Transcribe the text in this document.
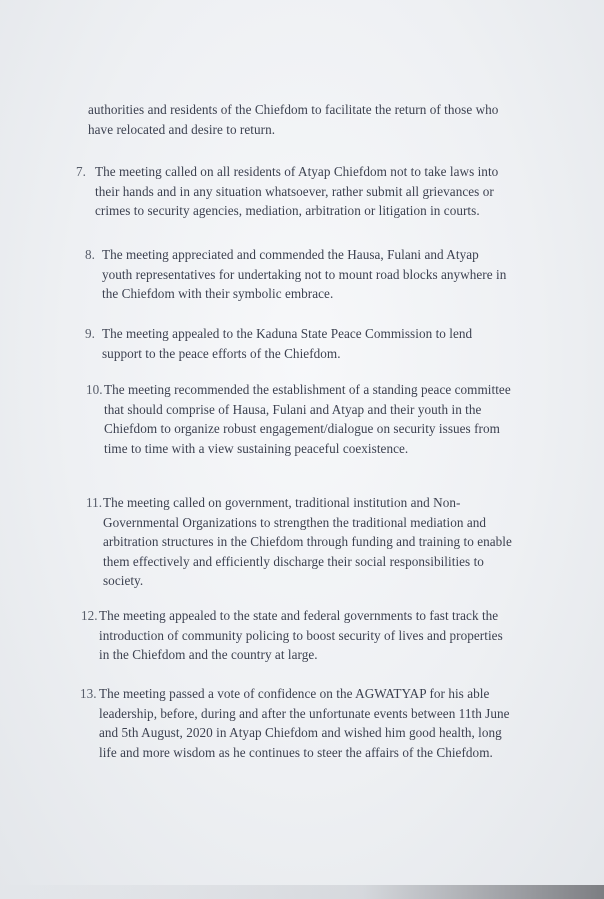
authorities and residents of the Chiefdom to facilitate the return of those who
have relocated and desire to return.
7. The meeting called on all residents of Atyap Chiefdom not to take laws into
their hands and in any situation whatsoever, rather submit all grievances or
crimes to security agencies, mediation, arbitration or litigation in courts.
8. The meeting appreciated and commended the Hausa, Fulani and Atyap
youth representatives for undertaking not to mount road blocks anywhere in
the Chiefdom with their symbolic embrace.
9. The meeting appealed to the Kaduna State Peace Commission to lend
support to the peace efforts of the Chiefdom.
10. The meeting recommended the establishment of a standing peace committee
that should comprise of Hausa, Fulani and Atyap and their youth in the
Chiefdom to organize robust engagement/dialogue on security issues from
time to time with a view sustaining peaceful coexistence.
11. The meeting called on government, traditional institution and Non-
Governmental Organizations to strengthen the traditional mediation and
arbitration structures in the Chiefdom through funding and training to enable
them effectively and efficiently discharge their social responsibilities to
society.
12. The meeting appealed to the state and federal governments to fast track the
introduction of community policing to boost security of lives and properties
in the Chiefdom and the country at large.
13. The meeting passed a vote of confidence on the AGWATYAP for his able
leadership, before, during and after the unfortunate events between 11th June
and 5th August, 2020 in Atyap Chiefdom and wished him good health, long
life and more wisdom as he continues to steer the affairs of the Chiefdom.
